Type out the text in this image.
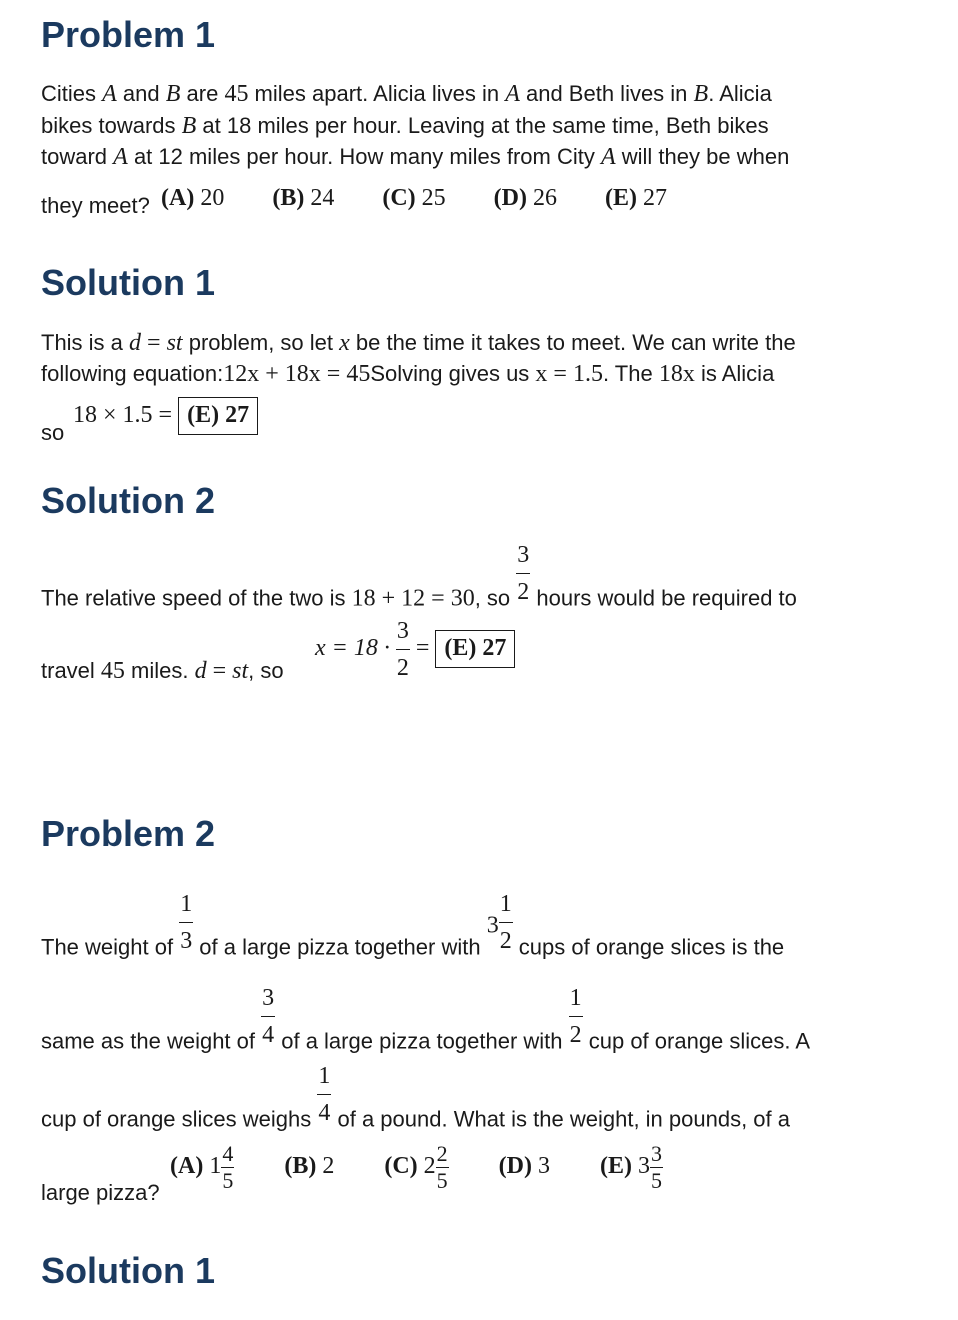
Problem 1
Cities A and B are 45 miles apart. Alicia lives in A and Beth lives in B. Alicia
bikes towards B at 18 miles per hour. Leaving at the same time, Beth bikes
toward A at 12 miles per hour. How many miles from City A will they be when
they meet? (A) 20 (B) 24 (C) 25 (D) 26 (E) 27
Solution 1
This is a d = st problem, so let x be the time it takes to meet. We can write the
following equation:12x + 18x = 45Solving gives us x = 1.5. The 18x is Alicia
so
18 × 1.5 = (E) 27
Solution 2
The relative speed of the two is 18 + 12 = 30, so $\frac{3}{2}$ hours would be required to
travel 45 miles. d = st, so
$x = 18 \cdot \frac{3}{2} = (E)$ 27
Problem 2
The weight of $\frac{1}{3}$ of a large pizza together with $3 \frac{1}{2}$ cups of orange slices is the
same as the weight of $\frac{3}{4}$ of a large pizza together with $\frac{1}{2}$ cup of orange slices. A
cup of orange slices weighs $\frac{1}{4}$ of a pound. What is the weight, in pounds, of a
large pizza?
(A) $1 \frac{4}{5} (B)$ 2 (C) $2 \frac{2}{5} (D)$ 3 (E) $3 \frac{3}{5}$
Solution 1
